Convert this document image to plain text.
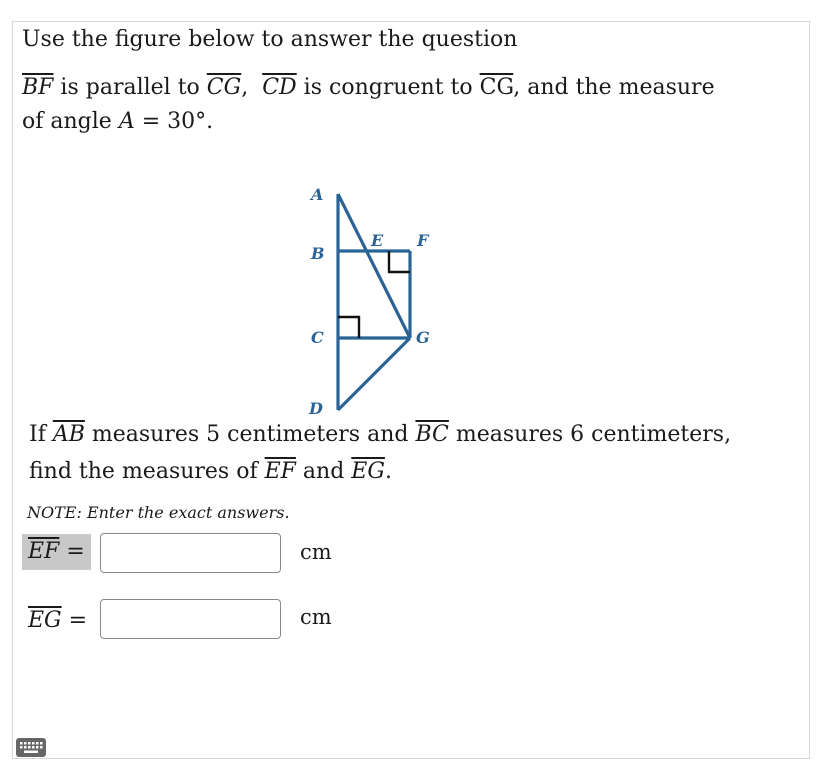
Use the figure below to answer the question
$\overline{BF}$ is parallel to $\overline{CG}$,  $\overline{CD}$ is congruent to $\overline{CG}$, and the measure
of angle A = 30°.
A
B
C
D
E F
G
If $\overline{AB}$ measures 5 centimeters and $\overline{BC}$ measures 6 centimeters,
find the measures of $\overline{EF}$ and $\overline{EG}$.
NOTE: Enter the exact answers.
$\overline{EF}$ =	cm
$\overline{EG}$ =	cm
